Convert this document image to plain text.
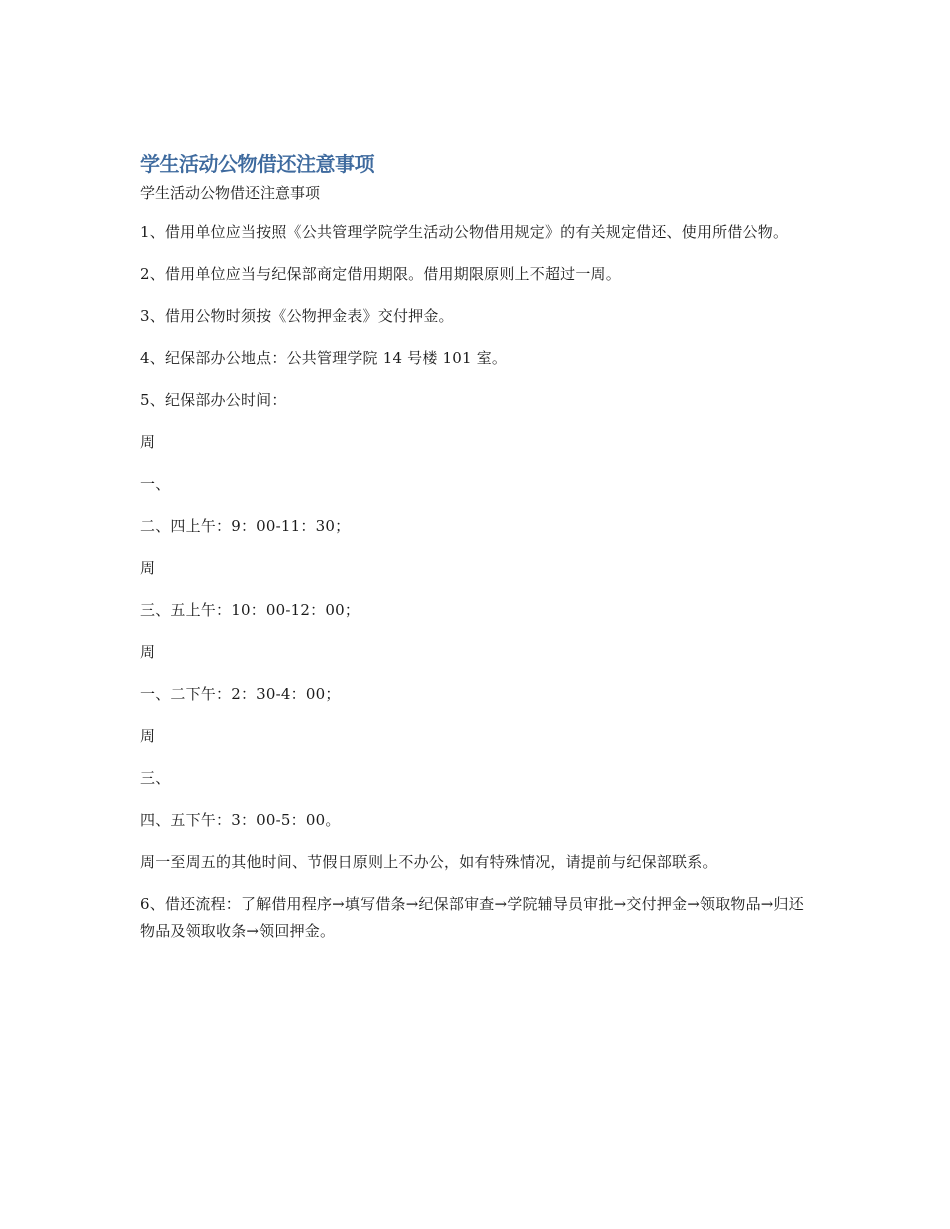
学生活动公物借还注意事项

学生活动公物借还注意事项

1、借用单位应当按照《公共管理学院学生活动公物借用规定》的有关规定借还、使用所借公物。

2、借用单位应当与纪保部商定借用期限。借用期限原则上不超过一周。

3、借用公物时须按《公物押金表》交付押金。

4、纪保部办公地点：公共管理学院 14 号楼 101 室。

5、纪保部办公时间：

周

一、

二、四上午：9：00-11：30；

周

三、五上午：10：00-12：00；

周

一、二下午：2：30-4：00；

周

三、

四、五下午：3：00-5：00。

周一至周五的其他时间、节假日原则上不办公，如有特殊情况，请提前与纪保部联系。

6、借还流程：了解借用程序→填写借条→纪保部审查→学院辅导员审批→交付押金→领取物品→归还物品及领取收条→领回押金。
